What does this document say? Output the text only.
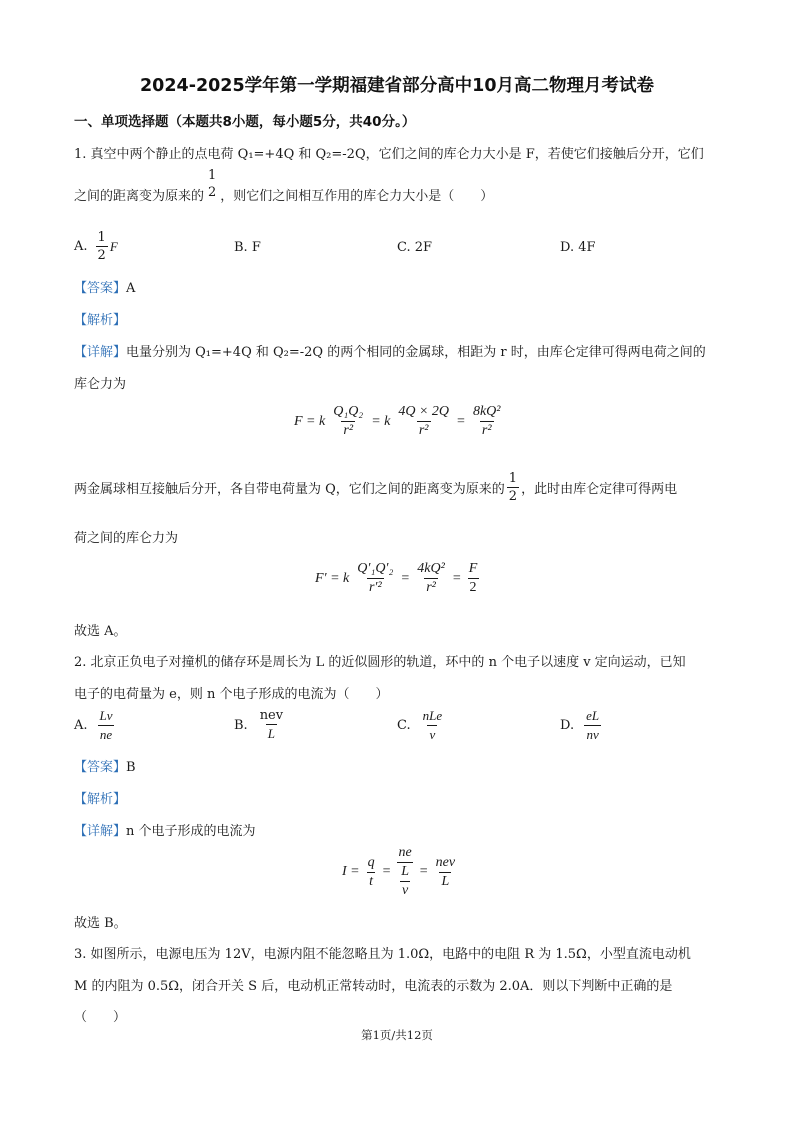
2024-2025学年第一学期福建省部分高中10月高二物理月考试卷
一、单项选择题（本题共8小题，每小题5分，共40分。）
1. 真空中两个静止的点电荷 Q₁=+4Q 和 Q₂=-2Q，它们之间的库仑力大小是 F，若使它们接触后分开，它们
之间的距离变为原来的
1
2 ，则它们之间相互作用的库仑力大小是（　　）
A. $\frac{1}{2}$ F	B. F	C. 2F	D. 4F
【答案】A
【解析】
【详解】电量分别为 Q₁=+4Q 和 Q₂=-2Q 的两个相同的金属球，相距为 r 时，由库仑定律可得两电荷之间的
库仑力为
F = k $\frac{\text{Q₁Q₂}}{\text{r²}} = k \frac{4Q \times 2Q}{\text{r²}} = \frac{\text{8kQ²}}{\text{r²}}$
两金属球相互接触后分开，各自带电荷量为 Q，它们之间的距离变为原来的 $\frac{1}{2}$ ，此时由库仑定律可得两电
荷之间的库仑力为
F′ = k $\frac{\text{Q′₁Q′₂}}{\text{r′²}} = \frac{\text{4kQ²}}{\text{r²}} = \frac{F}{2}$
故选 A。
2. 北京正负电子对撞机的储存环是周长为 L 的近似圆形的轨道，环中的 n 个电子以速度 v 定向运动，已知
电子的电荷量为 e，则 n 个电子形成的电流为（　　）
A. $\frac{Lv}{ne}$	B. $\frac{\text{nev}}{L}$	C. $\frac{\text{nLe}}{v}$	D. $\frac{eL}{nv}$
【答案】B
【解析】
【详解】n 个电子形成的电流为
$I = \frac{q}{t} = \frac{ne}{\frac{L}{v}} = \frac{\text{nev}}{L}$
故选 B。
3. 如图所示，电源电压为 12V，电源内阻不能忽略且为 1.0Ω，电路中的电阻 R 为 1.5Ω，小型直流电动机
M 的内阻为 0.5Ω，闭合开关 S 后，电动机正常转动时，电流表的示数为 2.0A．则以下判断中正确的是
（　　）
第1页/共12页
